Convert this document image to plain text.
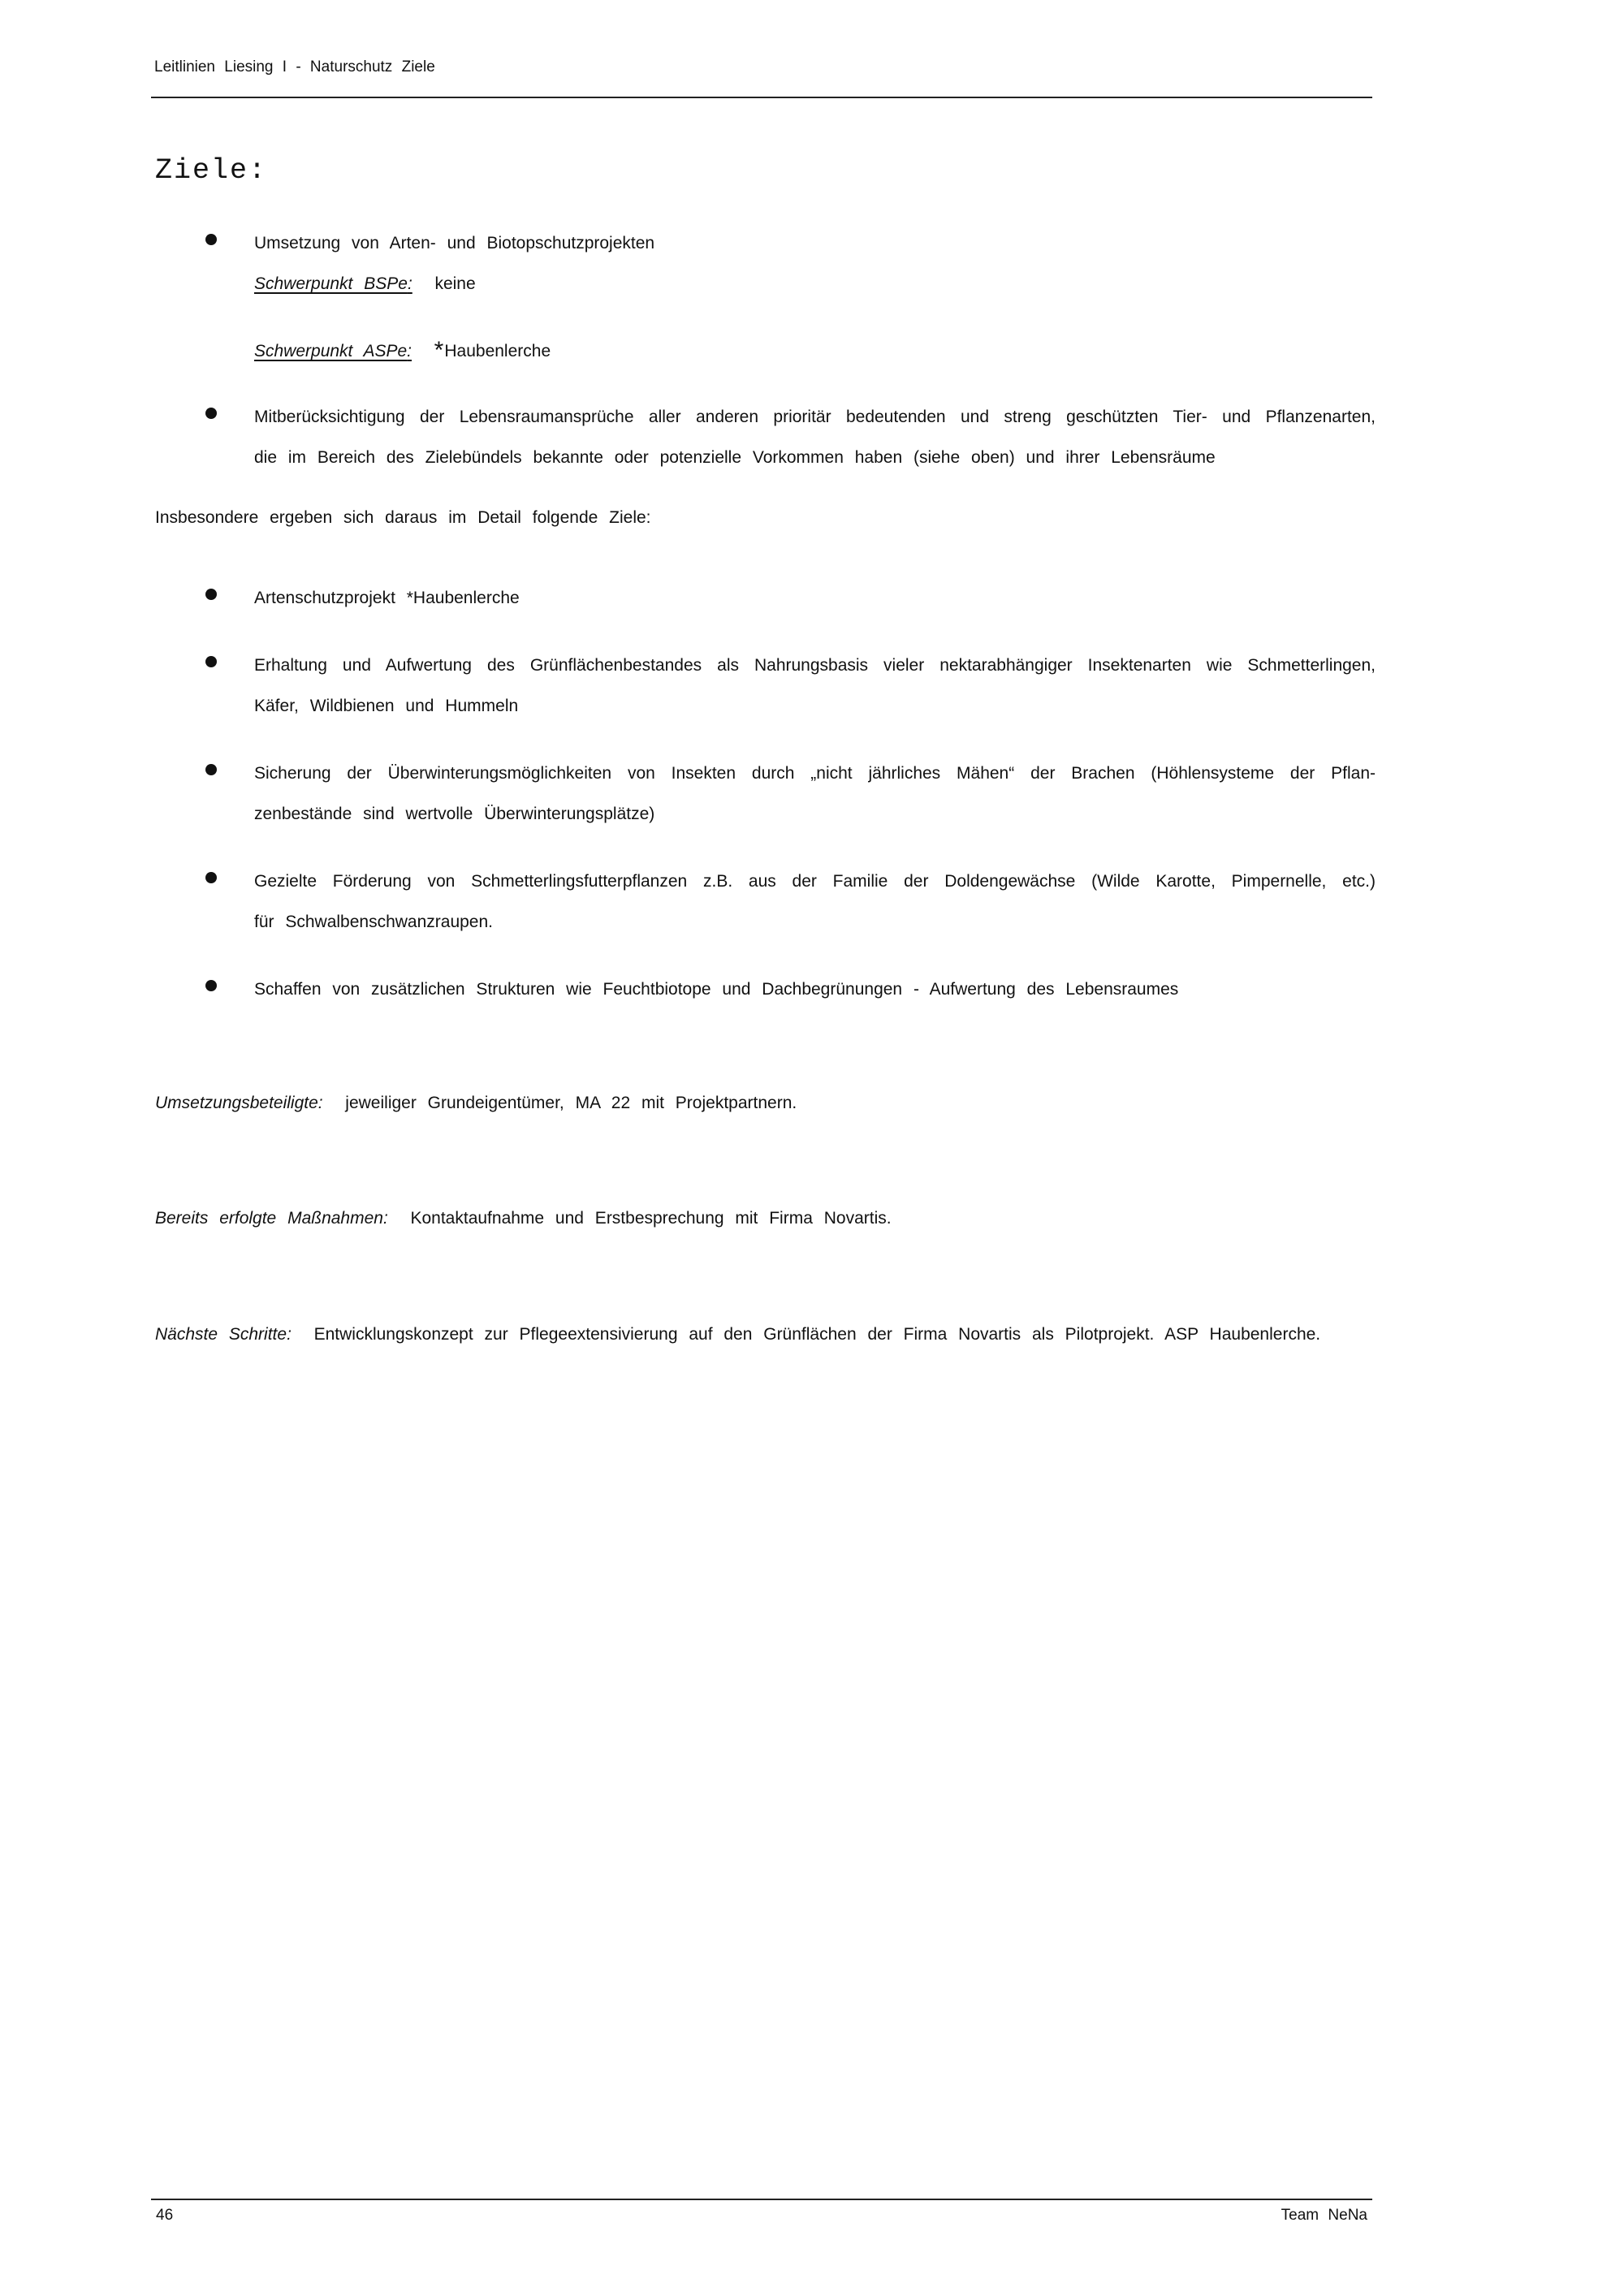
Leitlinien Liesing I - Naturschutz Ziele
Ziele:
Umsetzung von Arten- und Biotopschutzprojekten
Schwerpunkt BSPe: keine
Schwerpunkt ASPe: *Haubenlerche
Mitberücksichtigung der Lebensraumansprüche aller anderen prioritär bedeutenden und streng geschützten Tier- und Pflanzenarten,
die im Bereich des Zielebündels bekannte oder potenzielle Vorkommen haben (siehe oben) und ihrer Lebensräume
Insbesondere ergeben sich daraus im Detail folgende Ziele:
Artenschutzprojekt *Haubenlerche
Erhaltung und Aufwertung des Grünflächenbestandes als Nahrungsbasis vieler nektarabhängiger Insektenarten wie Schmetterlingen,
Käfer, Wildbienen und Hummeln
Sicherung der Überwinterungsmöglichkeiten von Insekten durch „nicht jährliches Mähen“ der Brachen (Höhlensysteme der Pflan-
zenbestände sind wertvolle Überwinterungsplätze)
Gezielte Förderung von Schmetterlingsfutterpflanzen z.B. aus der Familie der Doldengewächse (Wilde Karotte, Pimpernelle, etc.)
für Schwalbenschwanzraupen.
Schaffen von zusätzlichen Strukturen wie Feuchtbiotope und Dachbegrünungen - Aufwertung des Lebensraumes
Umsetzungsbeteiligte: jeweiliger Grundeigentümer, MA 22 mit Projektpartnern.
Bereits erfolgte Maßnahmen: Kontaktaufnahme und Erstbesprechung mit Firma Novartis.
Nächste Schritte: Entwicklungskonzept zur Pflegeextensivierung auf den Grünflächen der Firma Novartis als Pilotprojekt. ASP Haubenlerche.
46	Team NeNa
